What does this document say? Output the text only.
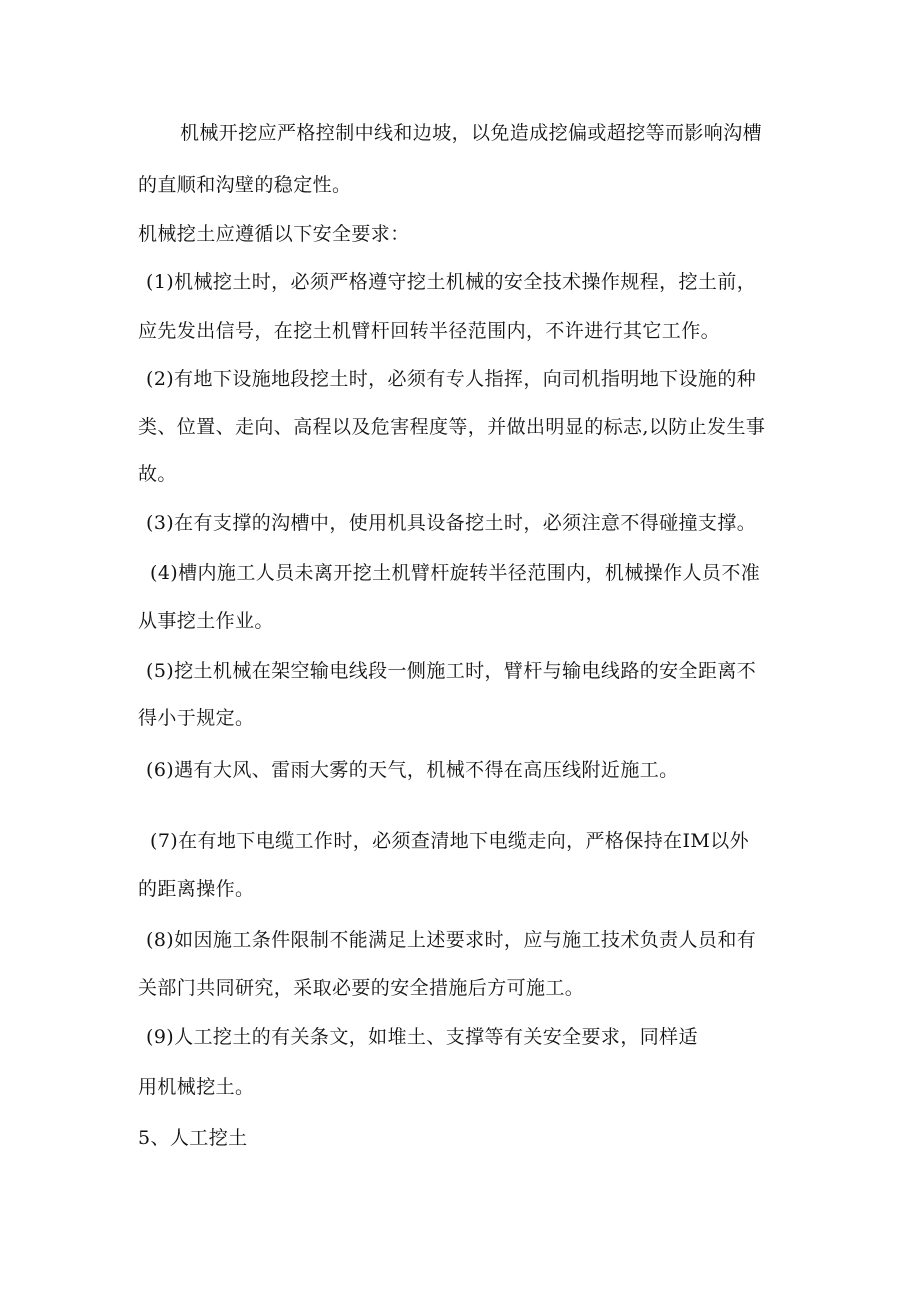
机械开挖应严格控制中线和边坡，以免造成挖偏或超挖等而影响沟槽
的直顺和沟壁的稳定性。
机械挖土应遵循以下安全要求：
(1)机械挖土时，必须严格遵守挖土机械的安全技术操作规程，挖土前，
应先发出信号，在挖土机臂杆回转半径范围内，不许进行其它工作。
(2)有地下设施地段挖土时，必须有专人指挥，向司机指明地下设施的种
类、位置、走向、高程以及危害程度等，并做出明显的标志,以防止发生事
故。
(3)在有支撑的沟槽中，使用机具设备挖土时，必须注意不得碰撞支撑。
(4)槽内施工人员未离开挖土机臂杆旋转半径范围内，机械操作人员不准
从事挖土作业。
(5)挖土机械在架空输电线段一侧施工时，臂杆与输电线路的安全距离不
得小于规定。
(6)遇有大风、雷雨大雾的天气，机械不得在高压线附近施工。
(7)在有地下电缆工作时，必须查清地下电缆走向，严格保持在IM以外
的距离操作。
(8)如因施工条件限制不能满足上述要求时，应与施工技术负责人员和有
关部门共同研究，采取必要的安全措施后方可施工。
(9)人工挖土的有关条文，如堆土、支撑等有关安全要求，同样适
用机械挖土。
5、人工挖土
